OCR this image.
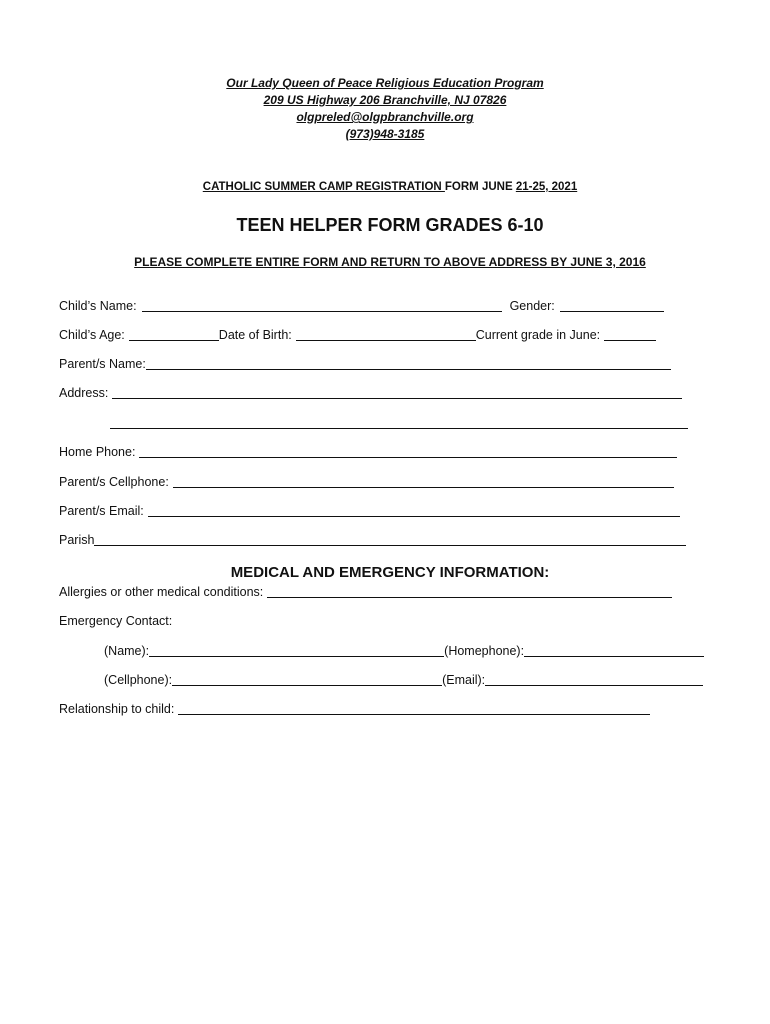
Our Lady Queen of Peace Religious Education Program
209 US Highway 206 Branchville, NJ 07826
olgpreled@olgpbranchville.org
(973)948-3185
CATHOLIC SUMMER CAMP REGISTRATION FORM JUNE 21-25, 2021
TEEN HELPER FORM GRADES 6-10
PLEASE COMPLETE ENTIRE FORM AND RETURN TO ABOVE ADDRESS BY JUNE 3, 2016
Child’s Name:	Gender:
Child’s Age:	Date of Birth:	Current grade in June:
Parent/s Name:
Address:
Home Phone:
Parent/s Cellphone:
Parent/s Email:
Parish
MEDICAL AND EMERGENCY INFORMATION:
Allergies or other medical conditions:
Emergency Contact:
(Name):	(Homephone):
(Cellphone):	(Email):
Relationship to child:
